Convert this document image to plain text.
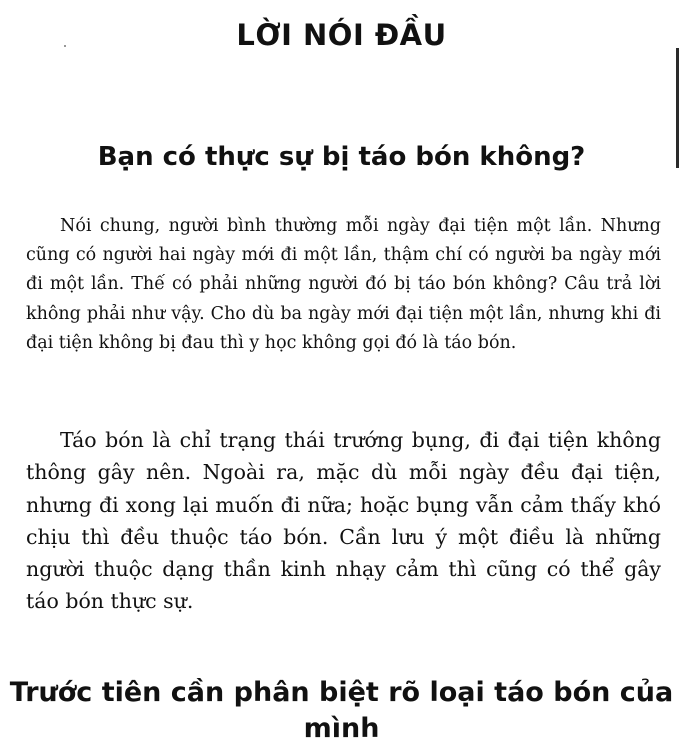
LỜI NÓI ĐẦU
Bạn có thực sự bị táo bón không?

Nói chung, người bình thường mỗi ngày đại tiện một lần. Nhưng cũng có người hai ngày mới đi một lần, thậm chí có người ba ngày mới đi một lần. Thế có phải những người đó bị táo bón không? Câu trả lời không phải như vậy. Cho dù ba ngày mới đại tiện một lần, nhưng khi đi đại tiện không bị đau thì y học không gọi đó là táo bón.

Táo bón là chỉ trạng thái trướng bụng, đi đại tiện không thông gây nên. Ngoài ra, mặc dù mỗi ngày đều đại tiện, nhưng đi xong lại muốn đi nữa; hoặc bụng vẫn cảm thấy khó chịu thì đều thuộc táo bón. Cần lưu ý một điều là những người thuộc dạng thần kinh nhạy cảm thì cũng có thể gây táo bón thực sự.

Trước tiên cần phân biệt rõ loại táo bón của mình
